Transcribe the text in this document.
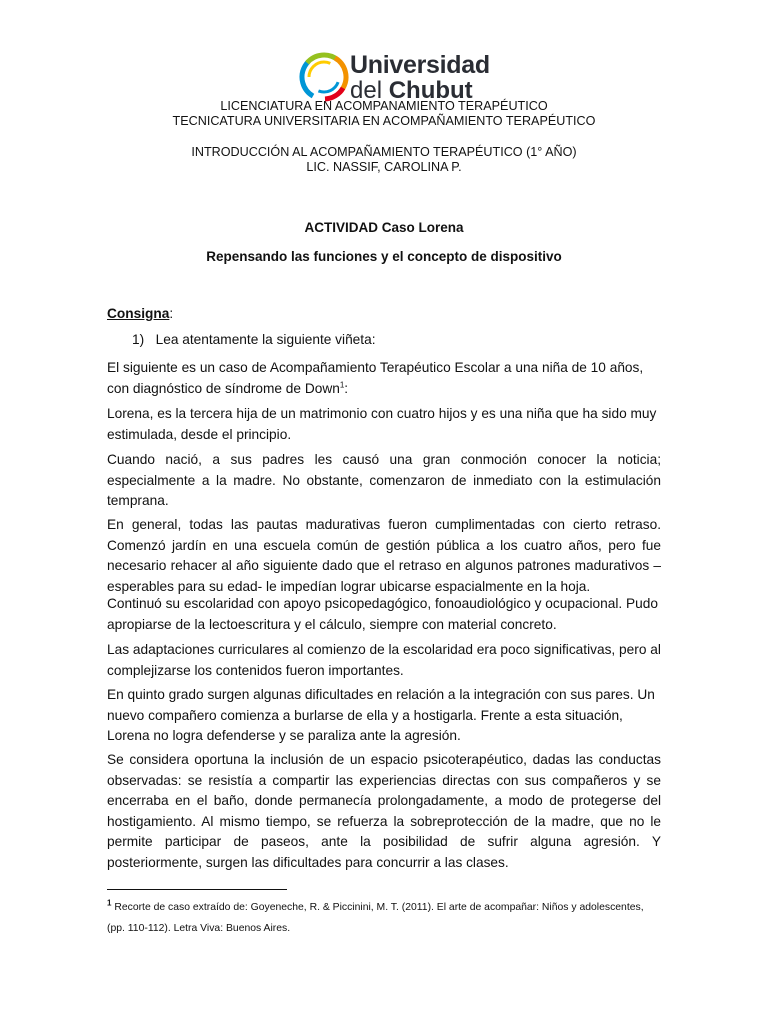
Universidad
del Chubut
LICENCIATURA EN ACOMPANAMIENTO TERAPÉUTICO
TECNICATURA UNIVERSITARIA EN ACOMPAÑAMIENTO TERAPÉUTICO
INTRODUCCIÓN AL ACOMPAÑAMIENTO TERAPÉUTICO (1° AÑO)
LIC. NASSIF, CAROLINA P.
ACTIVIDAD Caso Lorena
Repensando las funciones y el concepto de dispositivo
Consigna:
1) Lea atentamente la siguiente viñeta:
El siguiente es un caso de Acompañamiento Terapéutico Escolar a una niña de 10 años, con diagnóstico de síndrome de Down$^1$:
Lorena, es la tercera hija de un matrimonio con cuatro hijos y es una niña que ha sido muy estimulada, desde el principio.
Cuando nació, a sus padres les causó una gran conmoción conocer la noticia; especialmente a la madre. No obstante, comenzaron de inmediato con la estimulación temprana.
En general, todas las pautas madurativas fueron cumplimentadas con cierto retraso. Comenzó jardín en una escuela común de gestión pública a los cuatro años, pero fue necesario rehacer al año siguiente dado que el retraso en algunos patrones madurativos – esperables para su edad- le impedían lograr ubicarse espacialmente en la hoja.
Continuó su escolaridad con apoyo psicopedagógico, fonoaudiológico y ocupacional. Pudo apropiarse de la lectoescritura y el cálculo, siempre con material concreto.
Las adaptaciones curriculares al comienzo de la escolaridad era poco significativas, pero al complejizarse los contenidos fueron importantes.
En quinto grado surgen algunas dificultades en relación a la integración con sus pares. Un nuevo compañero comienza a burlarse de ella y a hostigarla. Frente a esta situación, Lorena no logra defenderse y se paraliza ante la agresión.
Se considera oportuna la inclusión de un espacio psicoterapéutico, dadas las conductas observadas: se resistía a compartir las experiencias directas con sus compañeros y se encerraba en el baño, donde permanecía prolongadamente, a modo de protegerse del hostigamiento. Al mismo tiempo, se refuerza la sobreprotección de la madre, que no le permite participar de paseos, ante la posibilidad de sufrir alguna agresión. Y posteriormente, surgen las dificultades para concurrir a las clases.
$^1$ Recorte de caso extraído de: Goyeneche, R. & Piccinini, M. T. (2011). El arte de acompañar: Niños y adolescentes, (pp. 110-112). Letra Viva: Buenos Aires.
